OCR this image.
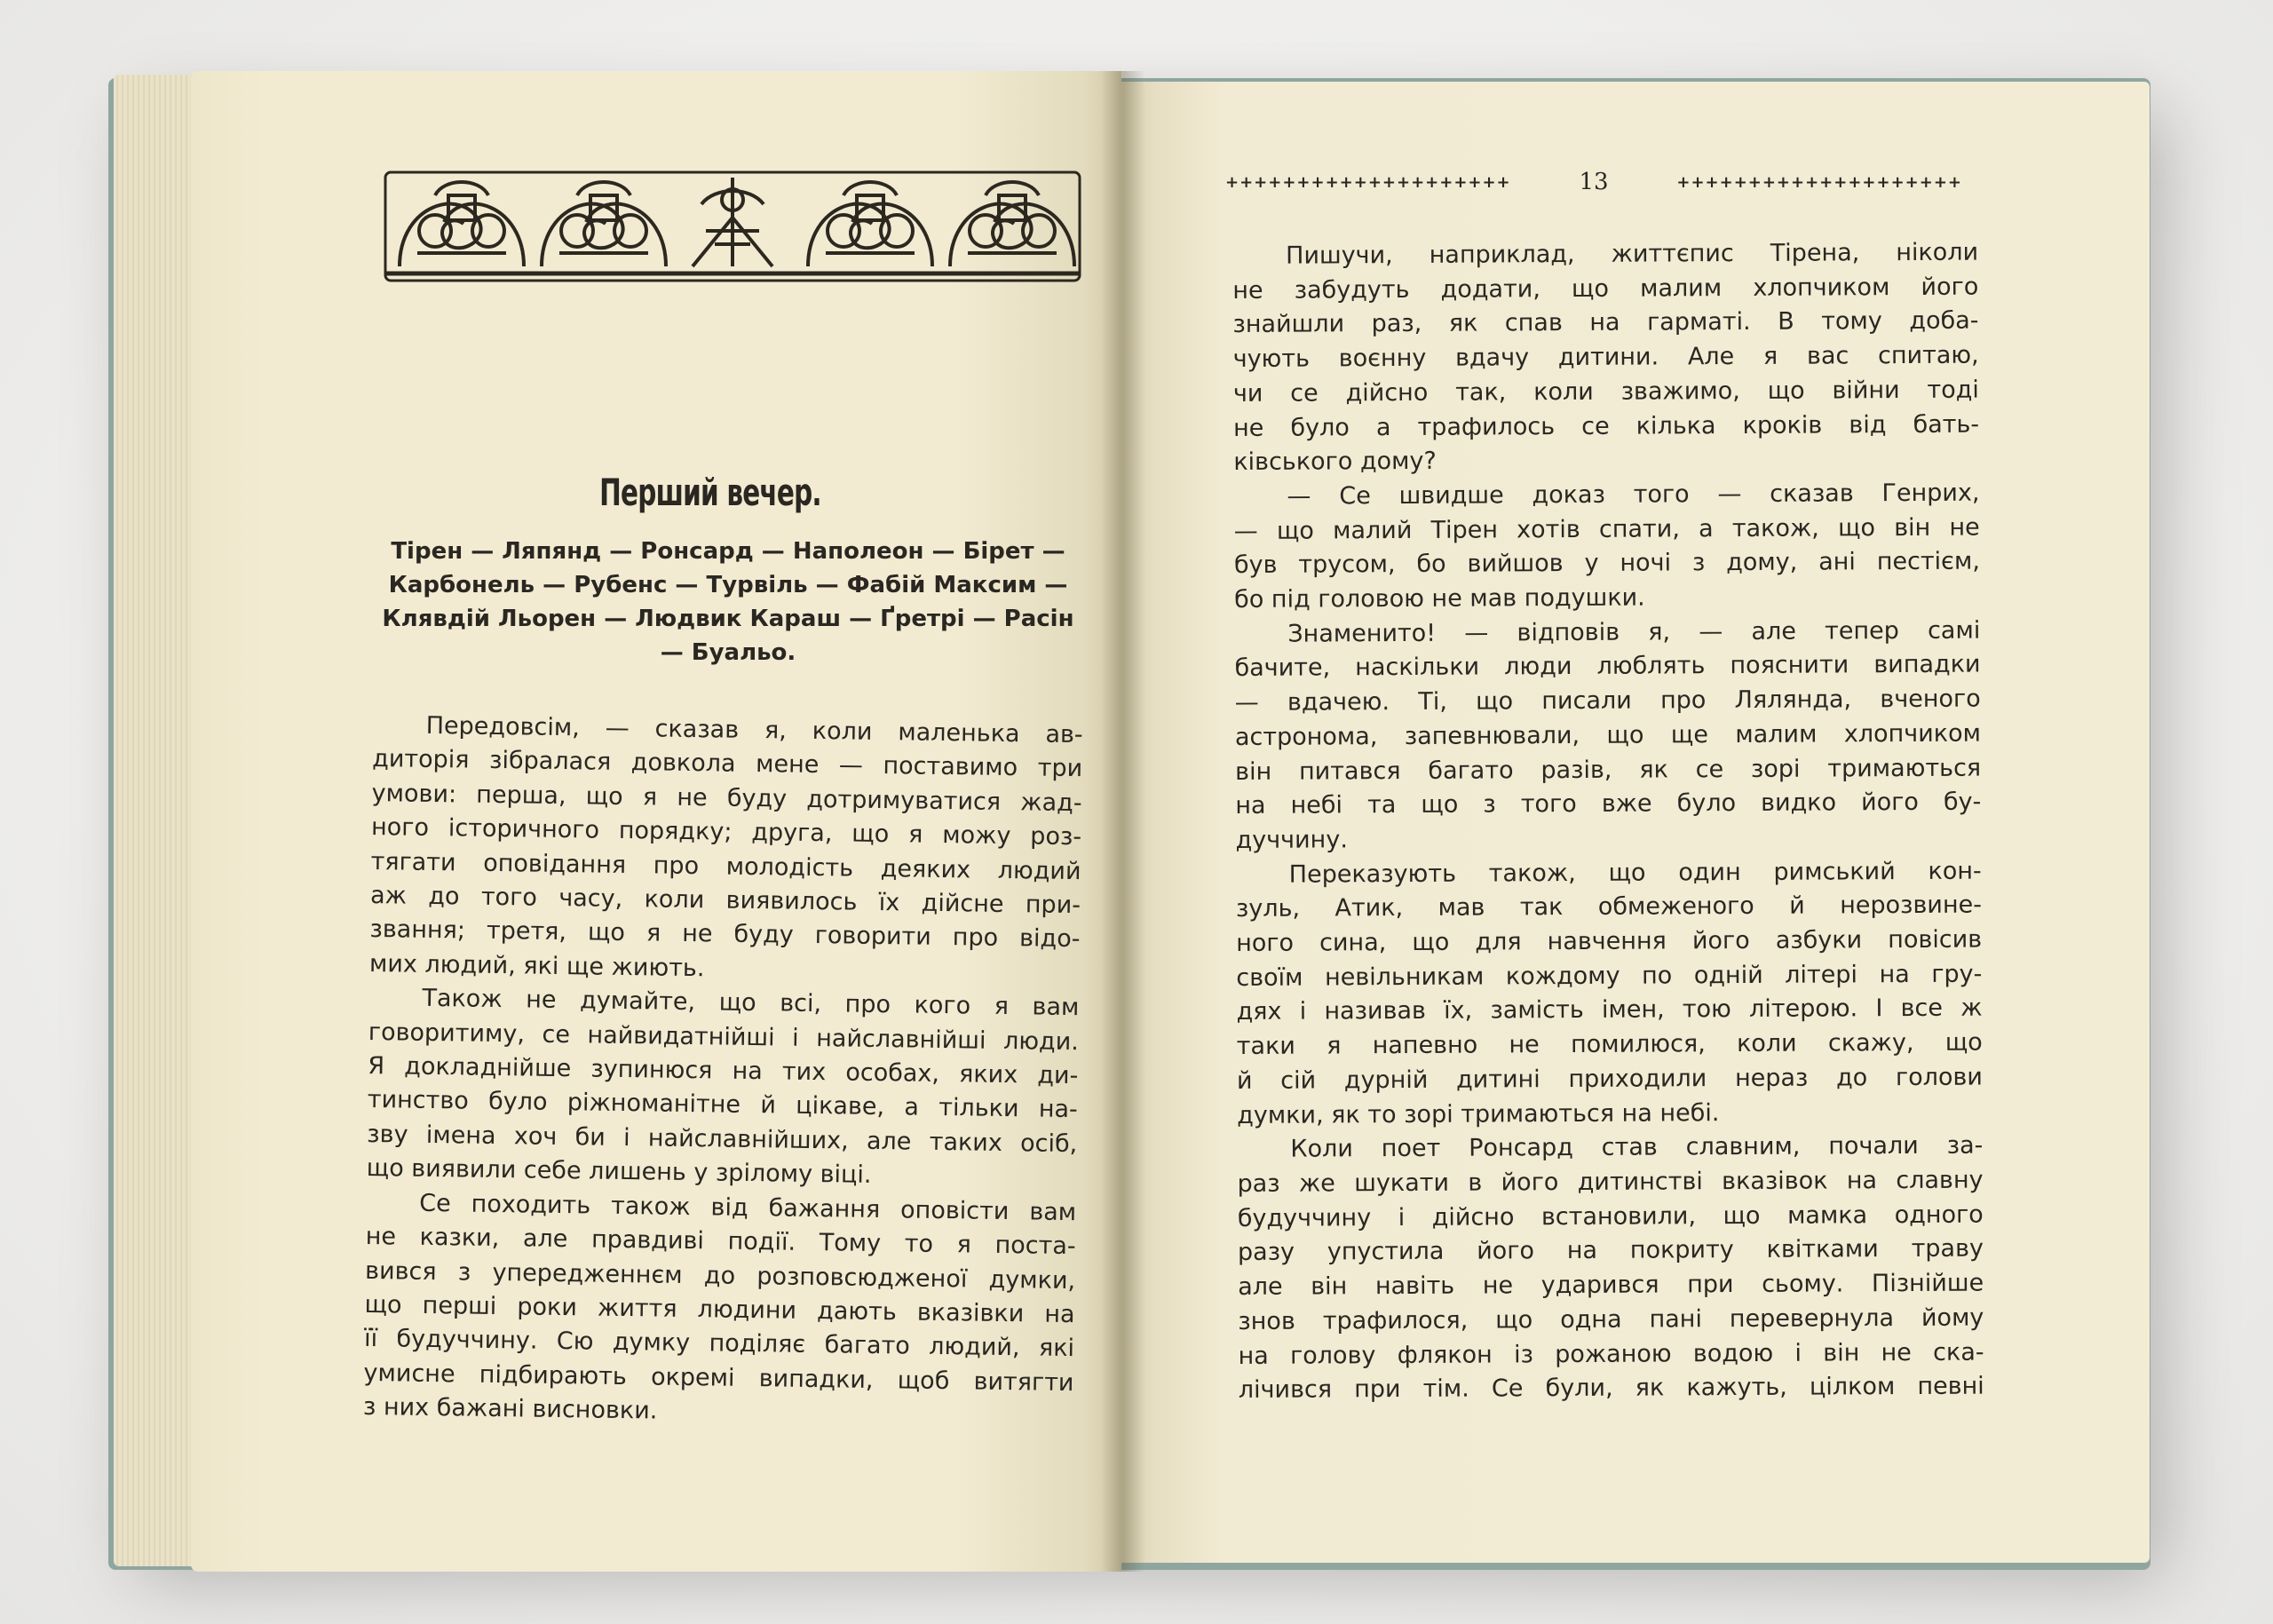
Перший вечер.
Тірен — Ляпянд — Ронсард — Наполеон — Бірет —
Карбонель — Рубенс — Турвіль — Фабій Максим —
Клявдій Льорен — Людвик Караш — Ґретрі — Расін
— Буальо.
Передовсім, — сказав я, коли маленька ав-
диторія зібралася довкола мене — поставимо три
умови: перша, що я не буду дотримуватися жад-
ного історичного порядку; друга, що я можу роз-
тягати оповідання про молодість деяких людий
аж до того часу, коли виявилось їх дійсне при-
звання; третя, що я не буду говорити про відо-
мих людий, які ще жиють.
Також не думайте, що всі, про кого я вам
говоритиму, се найвидатнійші і найславнійші люди.
Я докладнійше зупинюся на тих особах, яких ди-
тинство було ріжноманітне й цікаве, а тільки на-
зву імена хоч би і найславнійших, але таких осіб,
що виявили себе лишень у зрілому віці.
Се походить також від бажання оповісти вам
не казки, але правдиві події. Тому то я поста-
вився з упередженнєм до розповсюдженої думки,
що перші роки життя людини дають вказівки на
її будуччину. Сю думку поділяє багато людий, які
умисне підбирають окремі випадки, щоб витягти
з них бажані висновки.
++++++++++++++++++++	13	++++++++++++++++++++
Пишучи, наприклад, життєпис Тірена, ніколи
не забудуть додати, що малим хлопчиком його
знайшли раз, як спав на гарматі. В тому доба-
чують воєнну вдачу дитини. Але я вас спитаю,
чи се дійсно так, коли зважимо, що війни тоді
не було а трафилось се кілька кроків від бать-
ківського дому?
— Се швидше доказ того — сказав Генрих,
— що малий Тірен хотів спати, а також, що він не
був трусом, бо вийшов у ночі з дому, ані пестієм,
бо під головою не мав подушки.
Знаменито! — відповів я, — але тепер самі
бачите, наскільки люди люблять пояснити випадки
— вдачею. Ті, що писали про Ляляндa, вченого
астронома, запевнювали, що ще малим хлопчиком
він питався багато разів, як се зорі тримаються
на небі та що з того вже було видко його бу-
дуччину.
Переказують також, що один римський кон-
зуль, Атик, мав так обмеженого й нерозвине-
ного сина, що для навчення його азбуки повісив
своїм невільникам кождому по одній літері на гру-
дях і називав їх, замість імен, тою літерою. І все ж
таки я напевно не помилюся, коли скажу, що
й сій дурній дитині приходили нераз до голови
думки, як то зорі тримаються на небі.
Коли поет Ронсард став славним, почали за-
раз же шукати в його дитинстві вказівок на славну
будуччину і дійсно встановили, що мамка одного
разу упустила його на покриту квітками траву
але він навіть не ударився при сьому. Пізнійше
знов трафилося, що одна пані перевернула йому
на голову флякон із рожаною водою і він не ска-
лічився при тім. Се були, як кажуть, цілком певні
